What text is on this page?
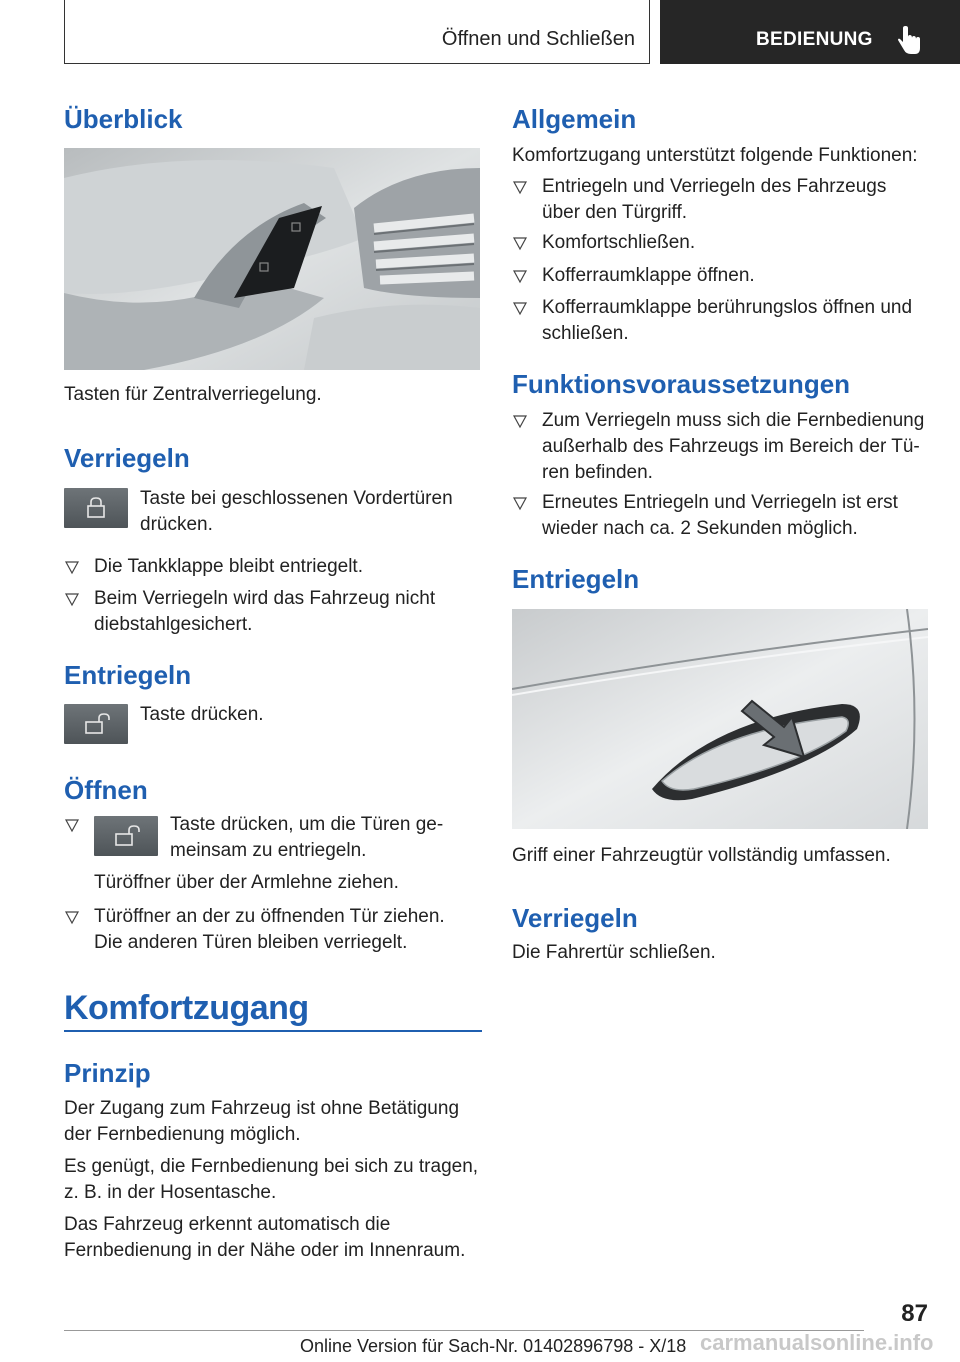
Öffnen und Schließen	BEDIENUNG
Überblick
Tasten für Zentralverriegelung.
Verriegeln
Taste bei geschlossenen Vordertüren drücken.
Die Tankklappe bleibt entriegelt.
Beim Verriegeln wird das Fahrzeug nicht diebstahlgesichert.
Entriegeln
Taste drücken.
Öffnen
Taste drücken, um die Türen ge-
meinsam zu entriegeln.
Türöffner über der Armlehne ziehen.
Türöffner an der zu öffnenden Tür ziehen. Die anderen Türen bleiben verriegelt.
Komfortzugang
Prinzip
Der Zugang zum Fahrzeug ist ohne Betätigung der Fernbedienung möglich.
Es genügt, die Fernbedienung bei sich zu tragen, z. B. in der Hosentasche.
Das Fahrzeug erkennt automatisch die Fernbedienung in der Nähe oder im Innenraum.
Allgemein
Komfortzugang unterstützt folgende Funktionen:
Entriegeln und Verriegeln des Fahrzeugs über den Türgriff.
Komfortschließen.
Kofferraumklappe öffnen.
Kofferraumklappe berührungslos öffnen und schließen.
Funktionsvoraussetzungen
Zum Verriegeln muss sich die Fernbedienung
außerhalb des Fahrzeugs im Bereich der Tü-
ren befinden.
Erneutes Entriegeln und Verriegeln ist erst wieder nach ca. 2 Sekunden möglich.
Entriegeln
Griff einer Fahrzeugtür vollständig umfassen.
Verriegeln
Die Fahrertür schließen.
87
Online Version für Sach-Nr. 01402896798 - X/18 carmanualsonline.info
